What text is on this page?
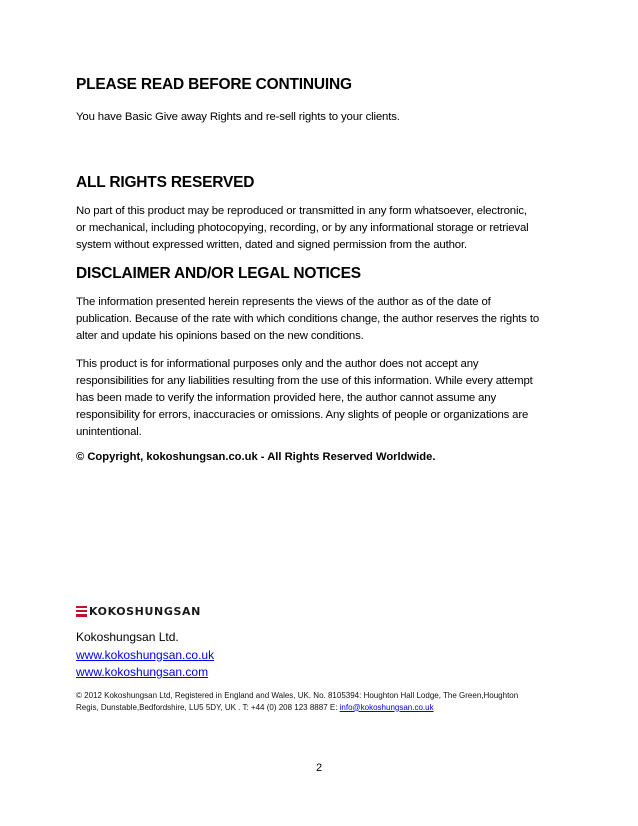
PLEASE READ BEFORE CONTINUING

You have Basic Give away Rights and re-sell rights to your clients.

ALL RIGHTS RESERVED

No part of this product may be reproduced or transmitted in any form whatsoever, electronic,
or mechanical, including photocopying, recording, or by any informational storage or retrieval
system without expressed written, dated and signed permission from the author.

DISCLAIMER AND/OR LEGAL NOTICES

The information presented herein represents the views of the author as of the date of
publication. Because of the rate with which conditions change, the author reserves the rights to
alter and update his opinions based on the new conditions.

This product is for informational purposes only and the author does not accept any
responsibilities for any liabilities resulting from the use of this information. While every attempt
has been made to verify the information provided here, the author cannot assume any
responsibility for errors, inaccuracies or omissions. Any slights of people or organizations are
unintentional.

© Copyright, kokoshungsan.co.uk - All Rights Reserved Worldwide.

KOKOSHUNGSAN
Kokoshungsan Ltd.
www.kokoshungsan.co.uk
www.kokoshungsan.com
© 2012 Kokoshungsan Ltd, Registered in England and Wales, UK. No. 8105394: Houghton Hall Lodge, The Green,Houghton
Regis, Dunstable,Bedfordshire, LU5 5DY, UK . T: +44 (0) 208 123 8887 E: info@kokoshungsan.co.uk
2
